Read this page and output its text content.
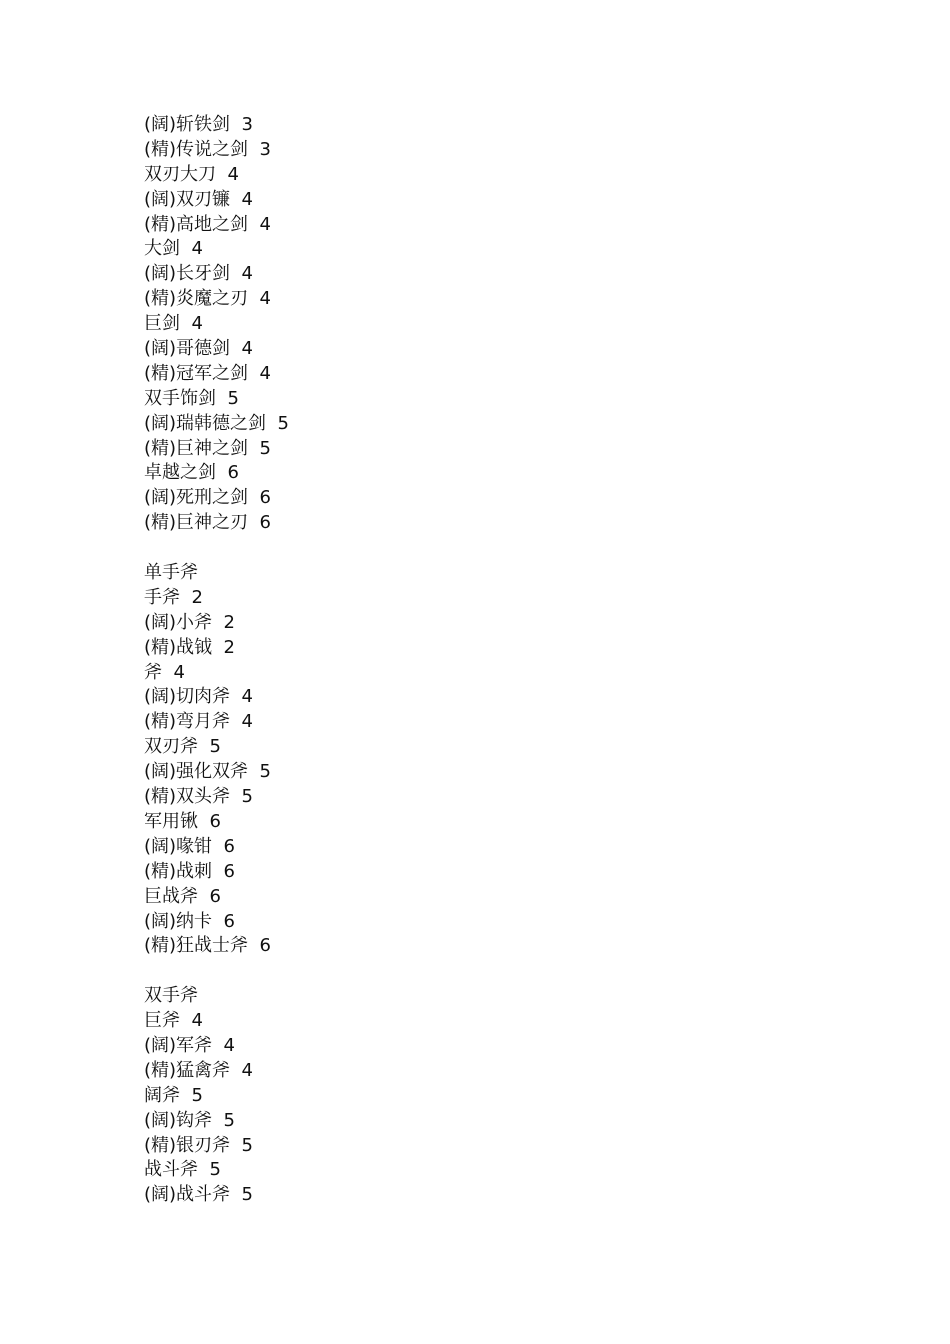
(阔)斩铁剑  3
(精)传说之剑  3
双刃大刀  4
(阔)双刃镰  4
(精)高地之剑  4
大剑  4
(阔)长牙剑  4
(精)炎魔之刃  4
巨剑  4
(阔)哥德剑  4
(精)冠军之剑  4
双手饰剑  5
(阔)瑞韩德之剑  5
(精)巨神之剑  5
卓越之剑  6
(阔)死刑之剑  6
(精)巨神之刃  6
单手斧
手斧  2
(阔)小斧  2
(精)战钺  2
斧  4
(阔)切肉斧  4
(精)弯月斧  4
双刃斧  5
(阔)强化双斧  5
(精)双头斧  5
军用锹  6
(阔)喙钳  6
(精)战刺  6
巨战斧  6
(阔)纳卡  6
(精)狂战士斧  6
双手斧
巨斧  4
(阔)军斧  4
(精)猛禽斧  4
阔斧  5
(阔)钩斧  5
(精)银刃斧  5
战斗斧  5
(阔)战斗斧  5
